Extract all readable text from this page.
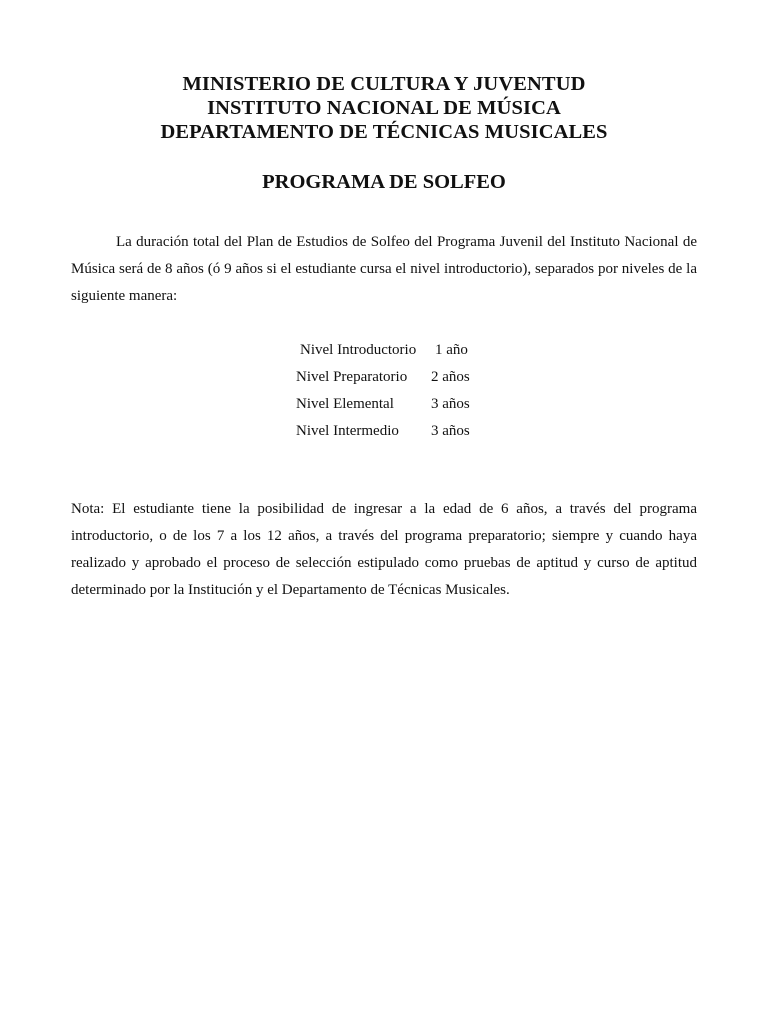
MINISTERIO DE CULTURA Y JUVENTUD
INSTITUTO NACIONAL DE MÚSICA
DEPARTAMENTO DE TÉCNICAS MUSICALES
PROGRAMA DE SOLFEO

La duración total del Plan de Estudios de Solfeo del Programa Juvenil del Instituto Nacional de Música será de 8 años (ó 9 años si el estudiante cursa el nivel introductorio), separados por niveles de la siguiente manera:

Nivel Introductorio 1 año
Nivel Preparatorio 2 años
Nivel Elemental 3 años
Nivel Intermedio 3 años

Nota: El estudiante tiene la posibilidad de ingresar a la edad de 6 años, a través del programa introductorio, o de los 7 a los 12 años, a través del programa preparatorio; siempre y cuando haya realizado y aprobado el proceso de selección estipulado como pruebas de aptitud y curso de aptitud determinado por la Institución y el Departamento de Técnicas Musicales.
